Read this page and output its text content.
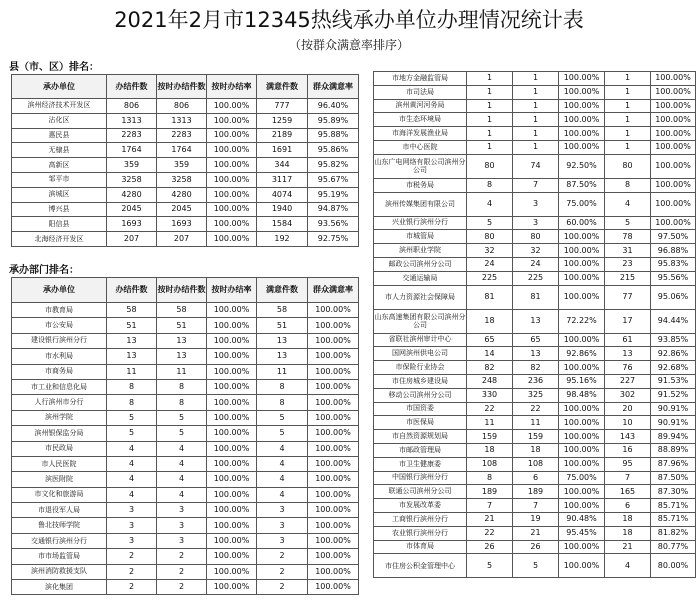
2021年2月市12345热线承办单位办理情况统计表
（按群众满意率排序）
县（市、区）排名：
承办单位	办结件数	按时办结件数	按时办结率	满意件数	群众满意率
滨州经济技术开发区	806	806	100.00%	777	96.40%
沾化区	1313	1313	100.00%	1259	95.89%
惠民县	2283	2283	100.00%	2189	95.88%
无棣县	1764	1764	100.00%	1691	95.86%
高新区	359	359	100.00%	344	95.82%
邹平市	3258	3258	100.00%	3117	95.67%
滨城区	4280	4280	100.00%	4074	95.19%
博兴县	2045	2045	100.00%	1940	94.87%
阳信县	1693	1693	100.00%	1584	93.56%
北海经济开发区	207	207	100.00%	192	92.75%
承办部门排名：
承办单位	办结件数	按时办结件数	按时办结率	满意件数	群众满意率
市教育局	58	58	100.00%	58	100.00%
市公安局	51	51	100.00%	51	100.00%
建设银行滨州分行	13	13	100.00%	13	100.00%
市水利局	13	13	100.00%	13	100.00%
市商务局	11	11	100.00%	11	100.00%
市工业和信息化局	8	8	100.00%	8	100.00%
人行滨州市分行	8	8	100.00%	8	100.00%
滨州学院	5	5	100.00%	5	100.00%
滨州银保监分局	5	5	100.00%	5	100.00%
市民政局	4	4	100.00%	4	100.00%
市人民医院	4	4	100.00%	4	100.00%
滨医附院	4	4	100.00%	4	100.00%
市文化和旅游局	4	4	100.00%	4	100.00%
市退役军人局	3	3	100.00%	3	100.00%
鲁北技师学院	3	3	100.00%	3	100.00%
交通银行滨州分行	3	3	100.00%	3	100.00%
市市场监管局	2	2	100.00%	2	100.00%
滨州消防救援支队	2	2	100.00%	2	100.00%
滨化集团	2	2	100.00%	2	100.00%
市地方金融监管局	1	1	100.00%	1	100.00%
市司法局	1	1	100.00%	1	100.00%
滨州黄河河务局	1	1	100.00%	1	100.00%
市生态环境局	1	1	100.00%	1	100.00%
市海洋发展渔业局	1	1	100.00%	1	100.00%
市中心医院	1	1	100.00%	1	100.00%
山东广电网络有限公司滨州分公司	80	74	92.50%	80	100.00%
市税务局	8	7	87.50%	8	100.00%
滨州传媒集团有限公司	4	3	75.00%	4	100.00%
兴业银行滨州分行	5	3	60.00%	5	100.00%
市城管局	80	80	100.00%	78	97.50%
滨州职业学院	32	32	100.00%	31	96.88%
邮政公司滨州分公司	24	24	100.00%	23	95.83%
交通运输局	225	225	100.00%	215	95.56%
市人力资源社会保障局	81	81	100.00%	77	95.06%
山东高速集团有限公司滨州分公司	18	13	72.22%	17	94.44%
省联社滨州审计中心	65	65	100.00%	61	93.85%
国网滨州供电公司	14	13	92.86%	13	92.86%
市保险行业协会	82	82	100.00%	76	92.68%
市住房城乡建设局	248	236	95.16%	227	91.53%
移动公司滨州分公司	330	325	98.48%	302	91.52%
市国资委	22	22	100.00%	20	90.91%
市医保局	11	11	100.00%	10	90.91%
市自然资源规划局	159	159	100.00%	143	89.94%
市邮政管理局	18	18	100.00%	16	88.89%
市卫生健康委	108	108	100.00%	95	87.96%
中国银行滨州分行	8	6	75.00%	7	87.50%
联通公司滨州分公司	189	189	100.00%	165	87.30%
市发展改革委	7	7	100.00%	6	85.71%
工商银行滨州分行	21	19	90.48%	18	85.71%
农业银行滨州分行	22	21	95.45%	18	81.82%
市体育局	26	26	100.00%	21	80.77%
市住房公积金管理中心	5	5	100.00%	4	80.00%
